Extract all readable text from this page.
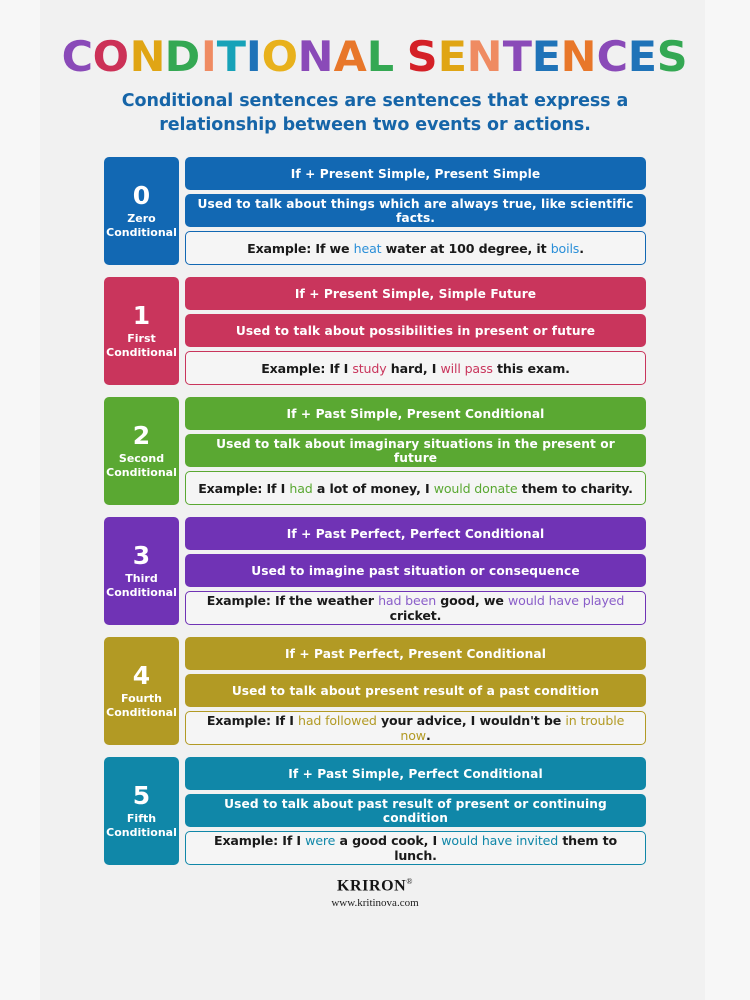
CONDITIONAL SENTENCES
Conditional sentences are sentences that express a relationship between two events or actions.
0
Zero
Conditional
If + Present Simple, Present Simple
Used to talk about things which are always true, like scientific facts.
Example: If we heat water at 100 degree, it boils.
1
First
Conditional
If + Present Simple, Simple Future
Used to talk about possibilities in present or future
Example: If I study hard, I will pass this exam.
2
Second
Conditional
If + Past Simple, Present Conditional
Used to talk about imaginary situations in the present or future
Example: If I had a lot of money, I would donate them to charity.
3
Third
Conditional
If + Past Perfect, Perfect Conditional
Used to imagine past situation or consequence
Example: If the weather had been good, we would have played cricket.
4
Fourth
Conditional
If + Past Perfect, Present Conditional
Used to talk about present result of a past condition
Example: If I had followed your advice, I wouldn't be in trouble now.
5
Fifth
Conditional
If + Past Simple, Perfect Conditional
Used to talk about past result of present or continuing condition
Example: If I were a good cook, I would have invited them to lunch.
KRIRON®
www.kritinova.com
